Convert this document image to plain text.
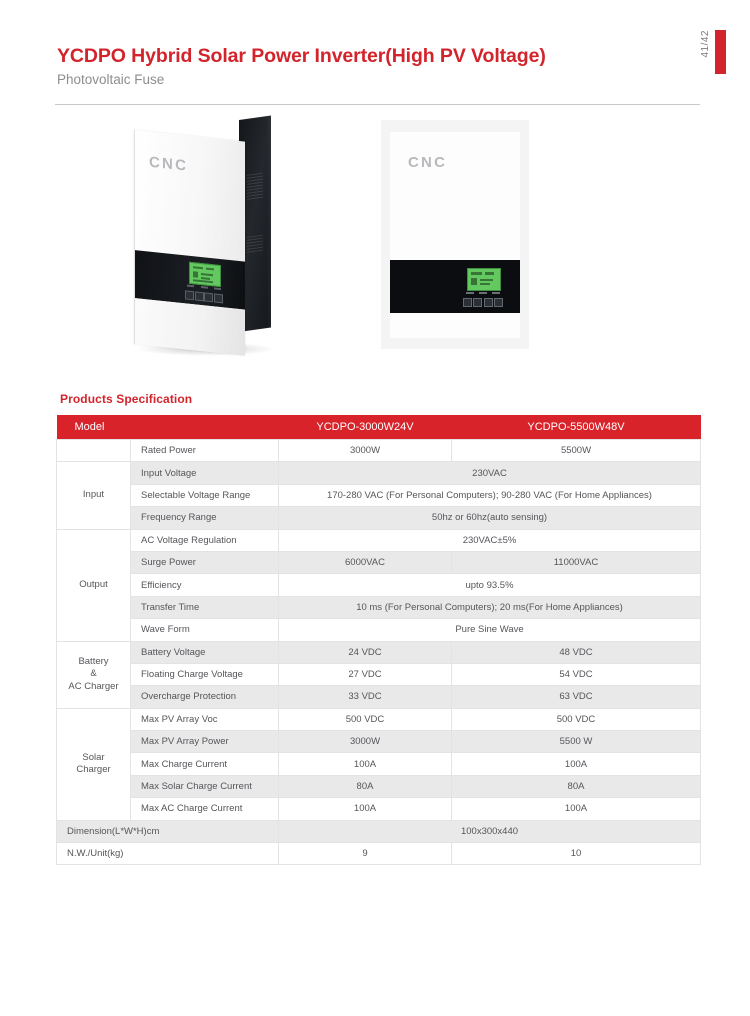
YCDPO Hybrid Solar Power Inverter(High PV Voltage)
Photovoltaic Fuse
41/42
CNC	CNC
Products Specification
Model		YCDPO-3000W24V	YCDPO-5500W48V
	Rated Power	3000W	5500W
Input	Input Voltage	230VAC	
	Selectable Voltage Range	170-280 VAC (For Personal Computers); 90-280 VAC (For Home Appliances)	
	Frequency Range	50hz or 60hz(auto sensing)	
Output	AC Voltage Regulation	230VAC±5%	
	Surge Power	6000VAC	11000VAC
	Efficiency	upto 93.5%	
	Transfer Time	10 ms (For Personal Computers); 20 ms(For Home Appliances)	
	Wave Form	Pure Sine Wave	
Battery
&
AC Charger	Battery Voltage	24 VDC	48 VDC
	Floating Charge Voltage	27 VDC	54 VDC
	Overcharge Protection	33 VDC	63 VDC
Solar
Charger	Max PV Array Voc	500 VDC	500 VDC
	Max PV Array Power	3000W	5500 W
	Max Charge Current	100A	100A
	Max Solar Charge Current	80A	80A
	Max AC Charge Current	100A	100A
Dimension(L*W*H)cm		100x300x440	
N.W./Unit(kg)		9	10
